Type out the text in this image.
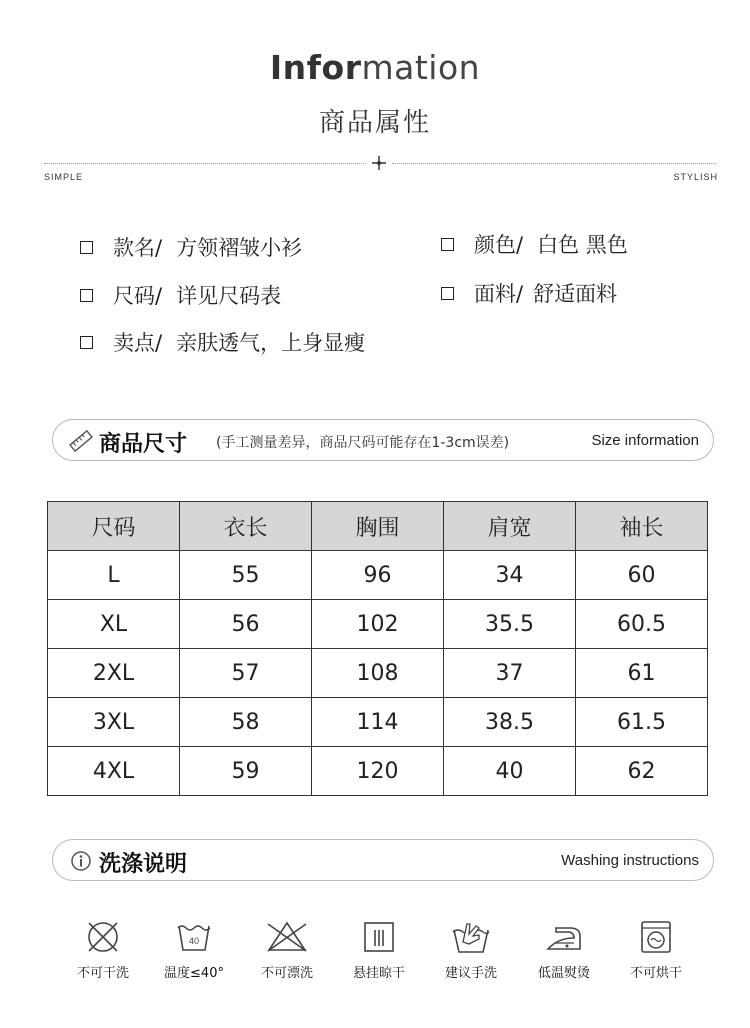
Information
商品属性
SIMPLE	STYLISH
款名/ 方领褶皱小衫	颜色/ 白色 黑色
尺码/ 详见尺码表	面料/ 舒适面料
卖点/ 亲肤透气，上身显瘦
商品尺寸 (手工测量差异，商品尺码可能存在1-3cm误差)	Size information
尺码	衣长	胸围	肩宽	袖长
L	55	96	34	60
XL	56	102	35.5	60.5
2XL	57	108	37	61
3XL	58	114	38.5	61.5
4XL	59	120	40	62
洗涤说明	Washing instructions
不可干洗
40
温度≤40°	不可漂洗	悬挂晾干	建议手洗	低温熨烫	不可烘干
